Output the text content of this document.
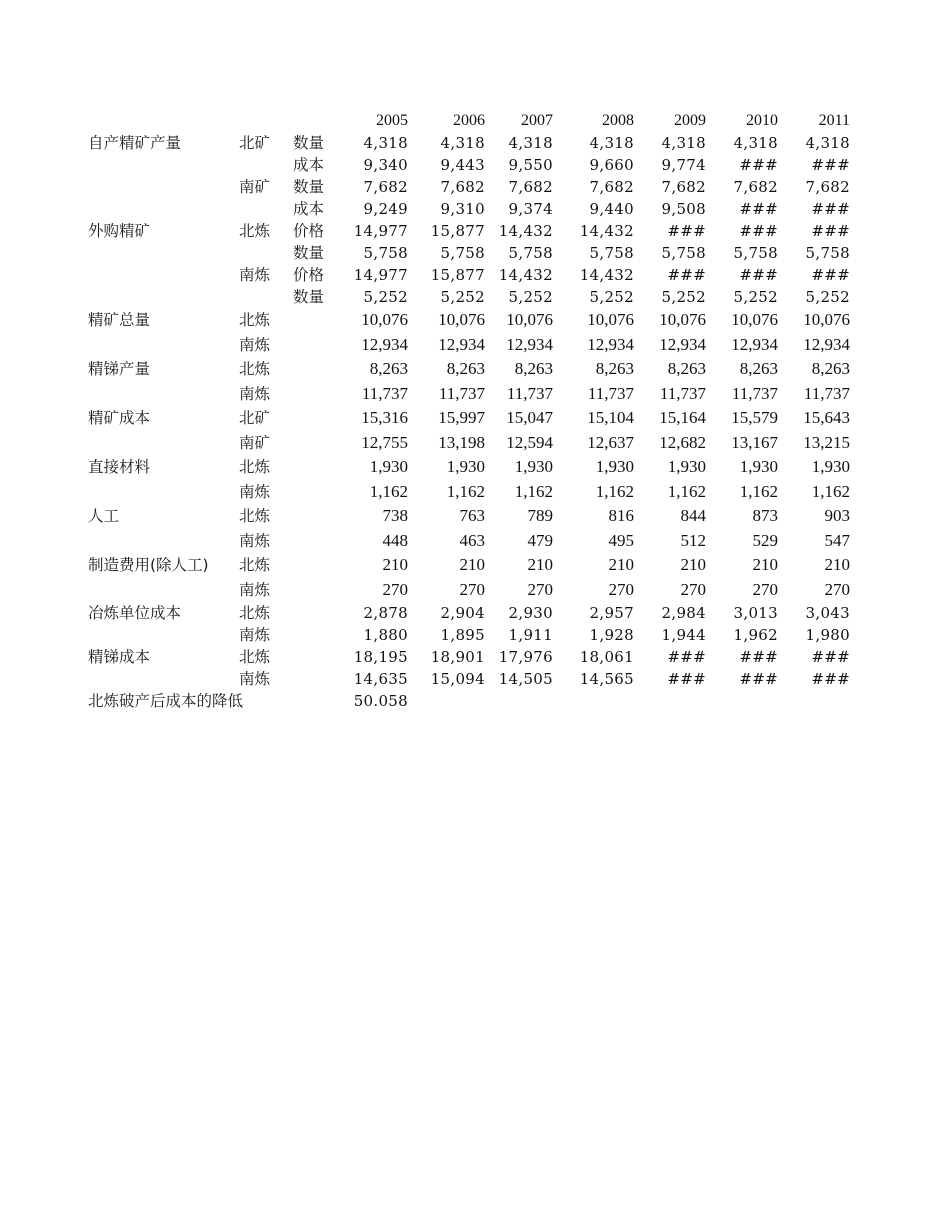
2005	2006 2007	2008	2009	2010	2011
自产精矿产量	北矿 数量	4,318 4,318 4,318 4,318 4,318 4,318 4,318
成本	9,340 9,443 9,550 9,660 9,774 ### ###
南矿 数量	7,682 7,682 7,682 7,682 7,682 7,682 7,682
成本	9,249 9,310 9,374 9,440 9,508 ### ###
外购精矿	北炼 价格 14,977 15,877 14,432 14,432 ### ### ###
数量	5,758 5,758 5,758 5,758 5,758 5,758 5,758
南炼 价格 14,977 15,877 14,432 14,432 ### ### ###
数量	5,252 5,252 5,252 5,252 5,252 5,252 5,252
精矿总量	北炼	10,076 10,076 10,076 10,076 10,076 10,076 10,076
南炼	12,934 12,934 12,934 12,934 12,934 12,934 12,934
精锑产量	北炼	8,263 8,263 8,263	8,263 8,263 8,263 8,263
南炼	11,737 11,737 11,737 11,737 11,737 11,737 11,737
精矿成本	北矿	15,316 15,997 15,047 15,104 15,164 15,579 15,643
南矿	12,755 13,198 12,594 12,637 12,682 13,167 13,215
直接材料	北炼	1,930 1,930 1,930	1,930 1,930 1,930 1,930
南炼	1,162 1,162 1,162	1,162 1,162 1,162 1,162
人工	北炼	738	763	789	816	844	873	903
南炼	448	463	479	495	512	529	547
制造费用(除人工) 北炼	210	210	210	210	210	210	210
南炼	270	270	270	270	270	270	270
冶炼单位成本	北炼	2,878 2,904 2,930 2,957 2,984 3,013 3,043
南炼	1,880 1,895 1,911 1,928 1,944 1,962 1,980
精锑成本	北炼	18,195 18,901 17,976 18,061 ### ### ###
南炼	14,635 15,094 14,505 14,565 ### ### ###
北炼破产后成本的降低	50.058
